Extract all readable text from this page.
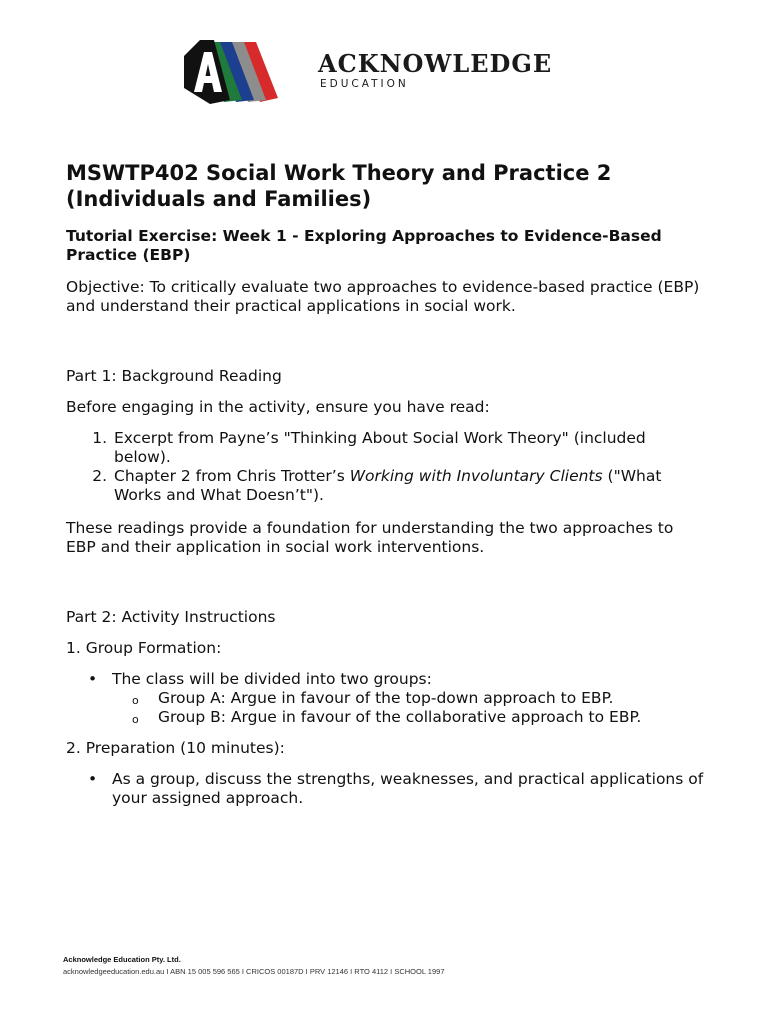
ACKNOWLEDGE
EDUCATION
MSWTP402 Social Work Theory and Practice 2 (Individuals and Families)
Tutorial Exercise: Week 1 - Exploring Approaches to Evidence-Based Practice (EBP)

Objective: To critically evaluate two approaches to evidence-based practice (EBP) and understand their practical applications in social work.

Part 1: Background Reading

Before engaging in the activity, ensure you have read:

1. Excerpt from Payne’s "Thinking About Social Work Theory" (included below).
2. Chapter 2 from Chris Trotter’s Working with Involuntary Clients ("What Works and What Doesn’t").

These readings provide a foundation for understanding the two approaches to EBP and their application in social work interventions.

Part 2: Activity Instructions

1. Group Formation:

• The class will be divided into two groups:
o Group A: Argue in favour of the top-down approach to EBP.
o Group B: Argue in favour of the collaborative approach to EBP.

2. Preparation (10 minutes):

• As a group, discuss the strengths, weaknesses, and practical applications of your assigned approach.
Acknowledge Education Pty. Ltd.
acknowledgeeducation.edu.au I ABN 15 005 596 565 I CRICOS 00187D I PRV 12146 I RTO 4112 I SCHOOL 1997
